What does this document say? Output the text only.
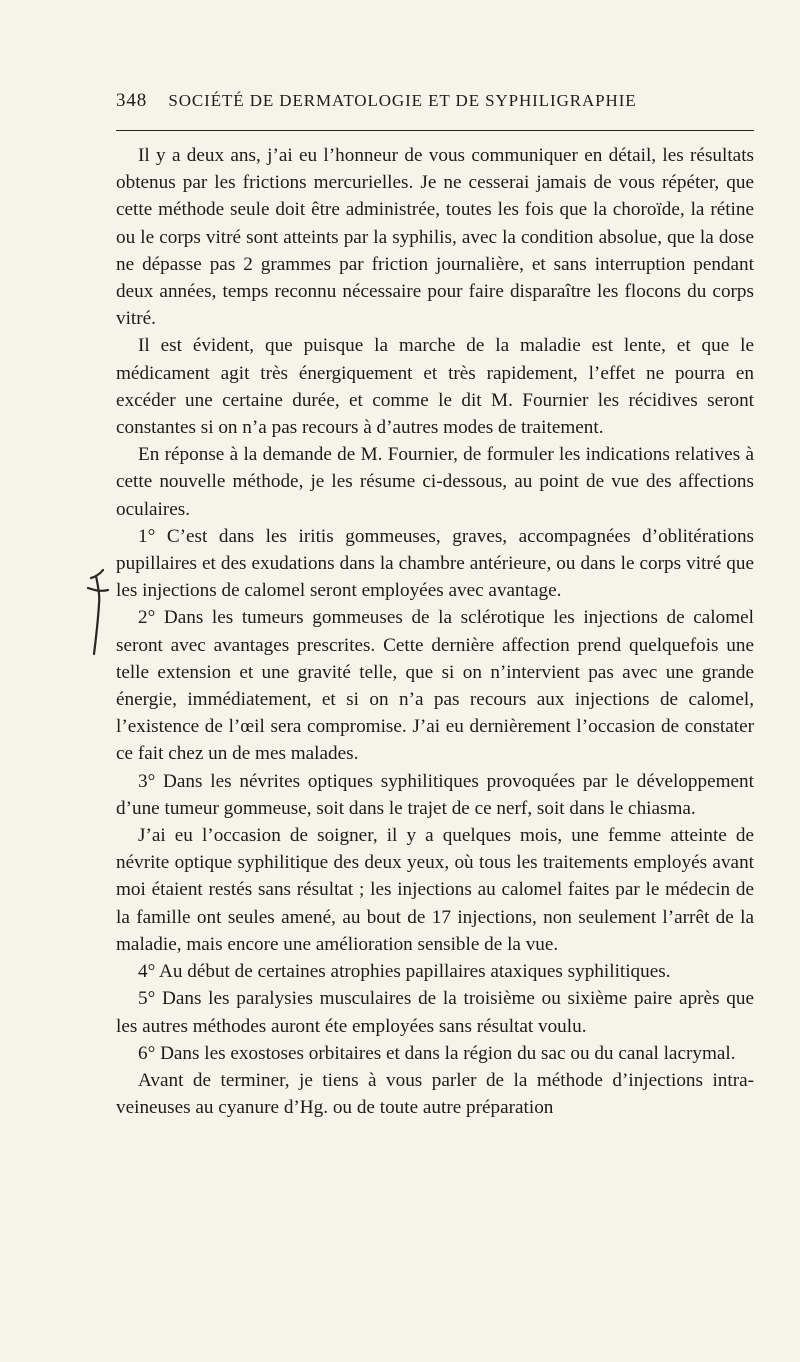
348 SOCIÉTÉ DE DERMATOLOGIE ET DE SYPHILIGRAPHIE

Il y a deux ans, j’ai eu l’honneur de vous communiquer en détail, les résultats obtenus par les frictions mercurielles. Je ne cesserai jamais de vous répéter, que cette méthode seule doit être administrée, toutes les fois que la choroïde, la rétine ou le corps vitré sont atteints par la syphilis, avec la condition absolue, que la dose ne dépasse pas 2 grammes par friction journalière, et sans interruption pendant deux années, temps reconnu nécessaire pour faire disparaître les flocons du corps vitré.

Il est évident, que puisque la marche de la maladie est lente, et que le médicament agit très énergiquement et très rapidement, l’effet ne pourra en excéder une certaine durée, et comme le dit M. Fournier les récidives seront constantes si on n’a pas recours à d’autres modes de traitement.

En réponse à la demande de M. Fournier, de formuler les indications relatives à cette nouvelle méthode, je les résume ci-dessous, au point de vue des affections oculaires.

1° C’est dans les iritis gommeuses, graves, accompagnées d’oblitérations pupillaires et des exudations dans la chambre antérieure, ou dans le corps vitré que les injections de calomel seront employées avec avantage.

2° Dans les tumeurs gommeuses de la sclérotique les injections de calomel seront avec avantages prescrites. Cette dernière affection prend quelquefois une telle extension et une gravité telle, que si on n’intervient pas avec une grande énergie, immédiatement, et si on n’a pas recours aux injections de calomel, l’existence de l’œil sera compromise. J’ai eu dernièrement l’occasion de constater ce fait chez un de mes malades.

3° Dans les névrites optiques syphilitiques provoquées par le développement d’une tumeur gommeuse, soit dans le trajet de ce nerf, soit dans le chiasma.

J’ai eu l’occasion de soigner, il y a quelques mois, une femme atteinte de névrite optique syphilitique des deux yeux, où tous les traitements employés avant moi étaient restés sans résultat ; les injections au calomel faites par le médecin de la famille ont seules amené, au bout de 17 injections, non seulement l’arrêt de la maladie, mais encore une amélioration sensible de la vue.

4° Au début de certaines atrophies papillaires ataxiques syphilitiques.

5° Dans les paralysies musculaires de la troisième ou sixième paire après que les autres méthodes auront éte employées sans résultat voulu.

6° Dans les exostoses orbitaires et dans la région du sac ou du canal lacrymal.

Avant de terminer, je tiens à vous parler de la méthode d’injections intra-veineuses au cyanure d’Hg. ou de toute autre préparation
